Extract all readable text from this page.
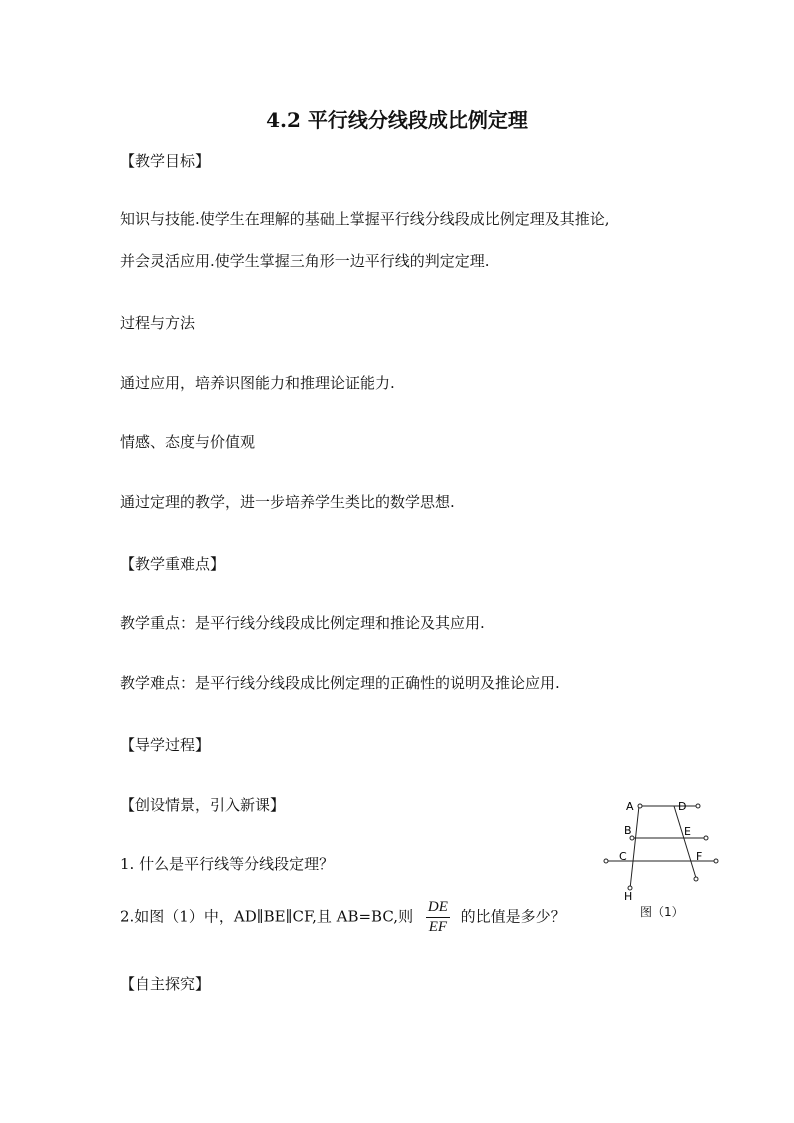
4.2 平行线分线段成比例定理
【教学目标】
知识与技能.使学生在理解的基础上掌握平行线分线段成比例定理及其推论,
并会灵活应用.使学生掌握三角形一边平行线的判定定理.
过程与方法
通过应用，培养识图能力和推理论证能力.
情感、态度与价值观
通过定理的教学，进一步培养学生类比的数学思想.
【教学重难点】
教学重点：是平行线分线段成比例定理和推论及其应用.
教学难点：是平行线分线段成比例定理的正确性的说明及推论应用.
【导学过程】
【创设情景，引入新课】
1. 什么是平行线等分线段定理？
2.如图（1）中，AD∥BE∥CF,且 AB=BC,则 $\frac{DE}{EF}$ 的比值是多少？
【自主探究】
A	D
B	E
C	F
H
图（1）
